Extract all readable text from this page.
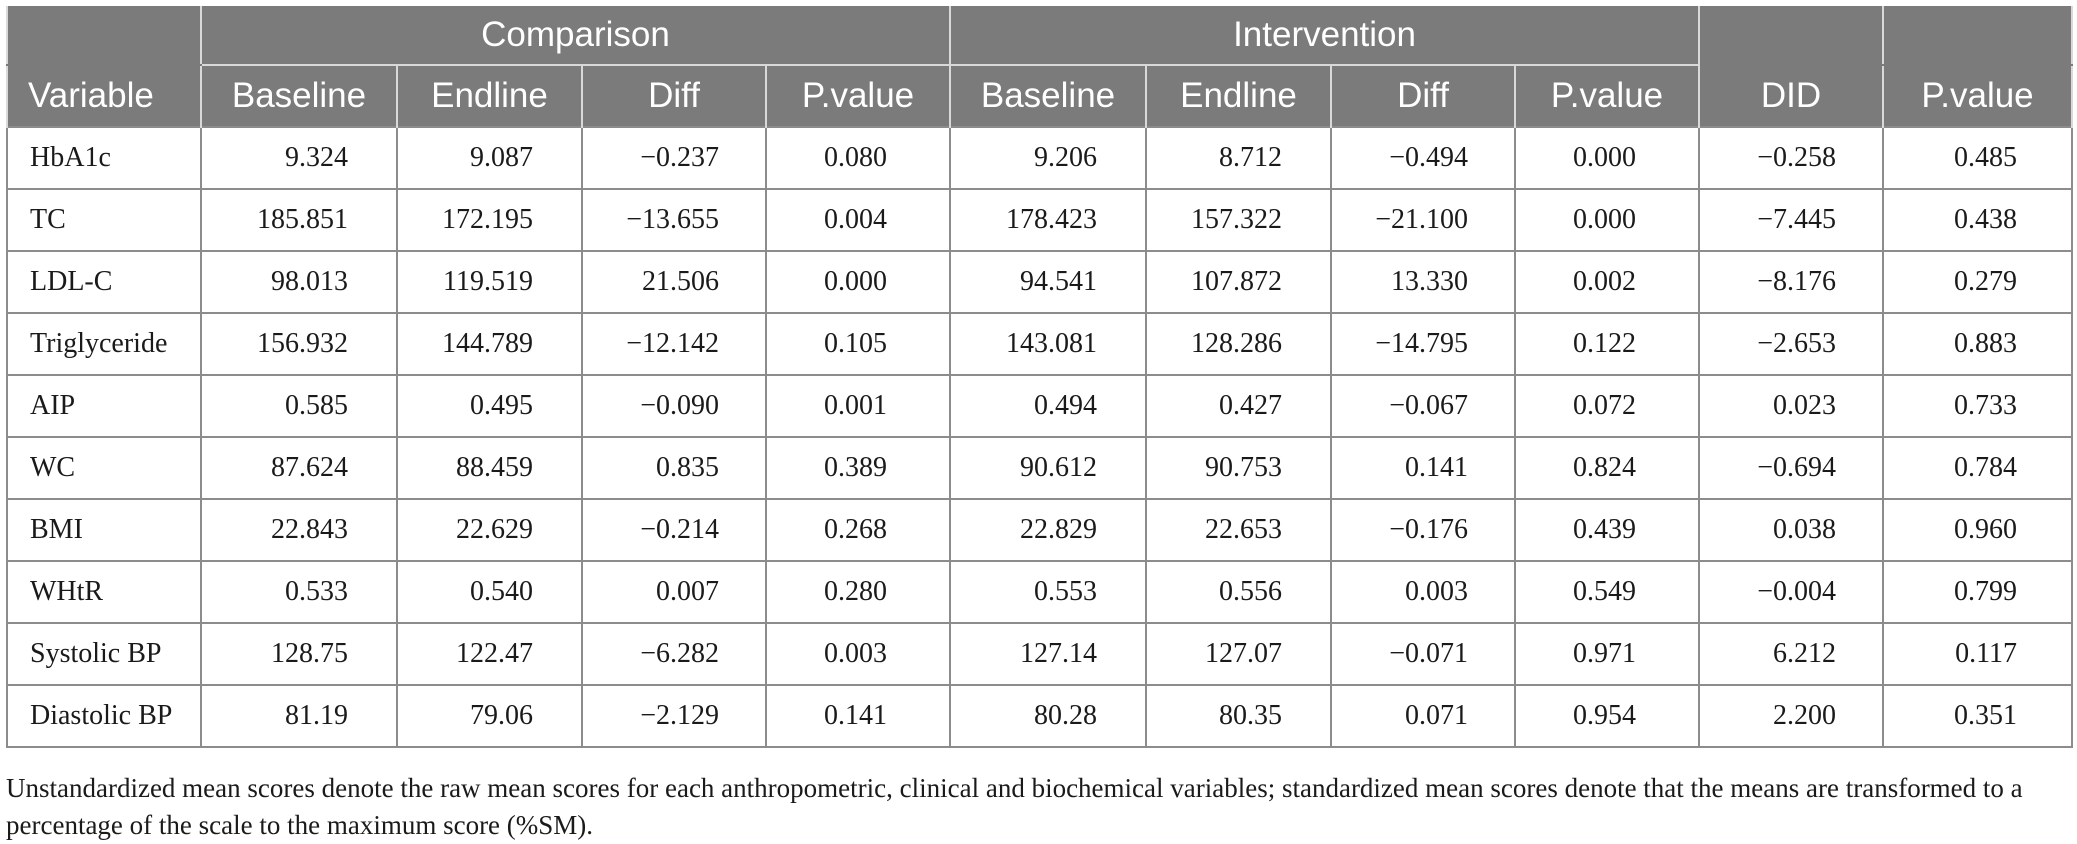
	Comparison				Intervention					
Variable	Baseline	Endline	Diff	P.value	Baseline	Endline	Diff	P.value	DID	P.value
HbA1c	9.324	9.087	−0.237	0.080	9.206	8.712	−0.494	0.000	−0.258	0.485
TC	185.851	172.195	−13.655	0.004	178.423	157.322	−21.100	0.000	−7.445	0.438
LDL-C	98.013	119.519	21.506	0.000	94.541	107.872	13.330	0.002	−8.176	0.279
Triglyceride	156.932	144.789	−12.142	0.105	143.081	128.286	−14.795	0.122	−2.653	0.883
AIP	0.585	0.495	−0.090	0.001	0.494	0.427	−0.067	0.072	0.023	0.733
WC	87.624	88.459	0.835	0.389	90.612	90.753	0.141	0.824	−0.694	0.784
BMI	22.843	22.629	−0.214	0.268	22.829	22.653	−0.176	0.439	0.038	0.960
WHtR	0.533	0.540	0.007	0.280	0.553	0.556	0.003	0.549	−0.004	0.799
Systolic BP	128.75	122.47	−6.282	0.003	127.14	127.07	−0.071	0.971	6.212	0.117
Diastolic BP	81.19	79.06	−2.129	0.141	80.28	80.35	0.071	0.954	2.200	0.351
Unstandardized mean scores denote the raw mean scores for each anthropometric, clinical and biochemical variables; standardized mean scores denote that the means are transformed to a percentage of the scale to the maximum score (%SM).
